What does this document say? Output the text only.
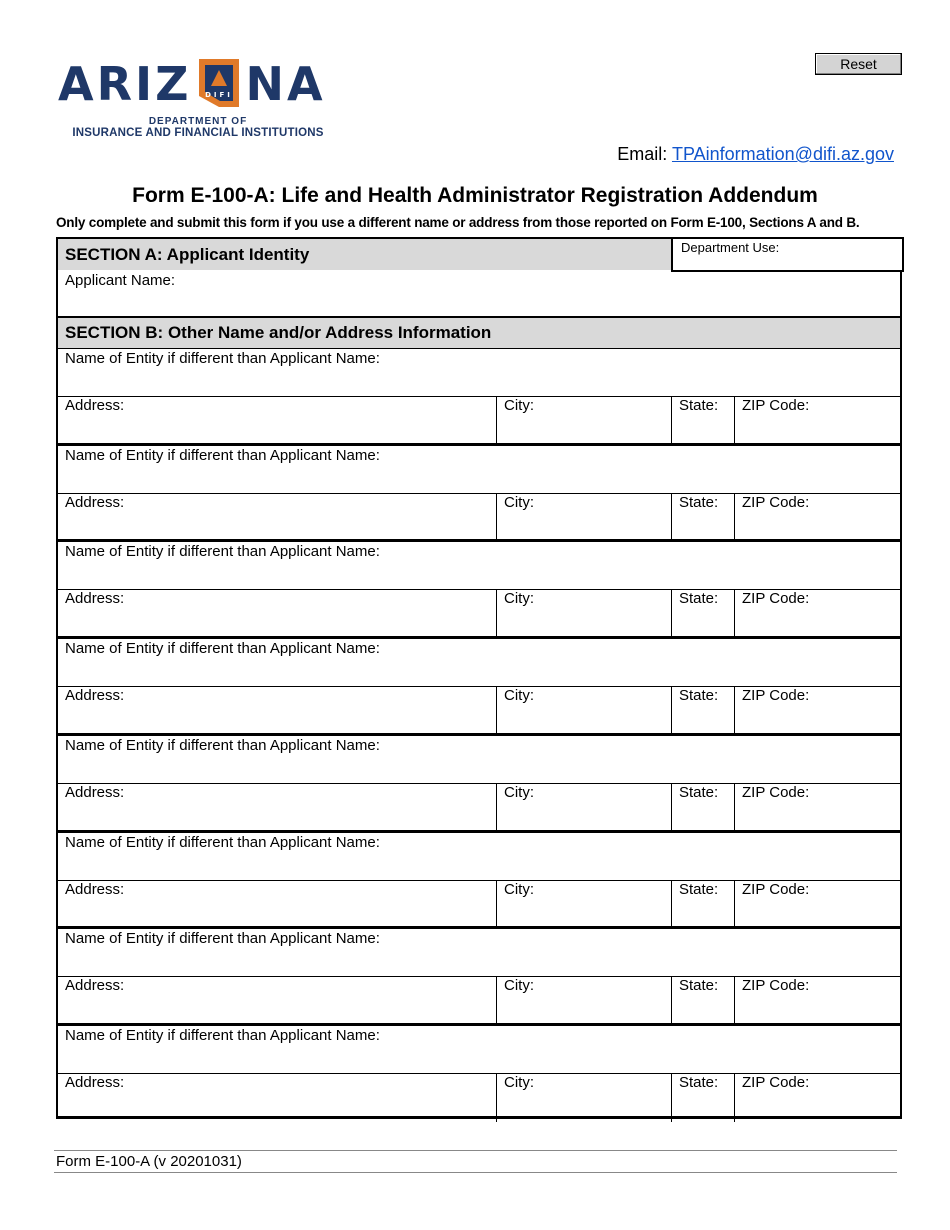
ARIZ DIFI NA
DEPARTMENT OF
INSURANCE AND FINANCIAL INSTITUTIONS
Reset
Email: TPAinformation@difi.az.gov
Form E-100-A: Life and Health Administrator Registration Addendum
Only complete and submit this form if you use a different name or address from those reported on Form E-100, Sections A and B.
SECTION A: Applicant Identity	Department Use:
Applicant Name:
SECTION B: Other Name and/or Address Information
Name of Entity if different than Applicant Name:
Address:	City:	State: ZIP Code:
Name of Entity if different than Applicant Name:
Address:	City:	State: ZIP Code:
Name of Entity if different than Applicant Name:
Address:	City:	State: ZIP Code:
Name of Entity if different than Applicant Name:
Address:	City:	State: ZIP Code:
Name of Entity if different than Applicant Name:
Address:	City:	State: ZIP Code:
Name of Entity if different than Applicant Name:
Address:	City:	State: ZIP Code:
Name of Entity if different than Applicant Name:
Address:	City:	State: ZIP Code:
Name of Entity if different than Applicant Name:
Address:	City:	State: ZIP Code:
Form E-100-A (v 20201031)
